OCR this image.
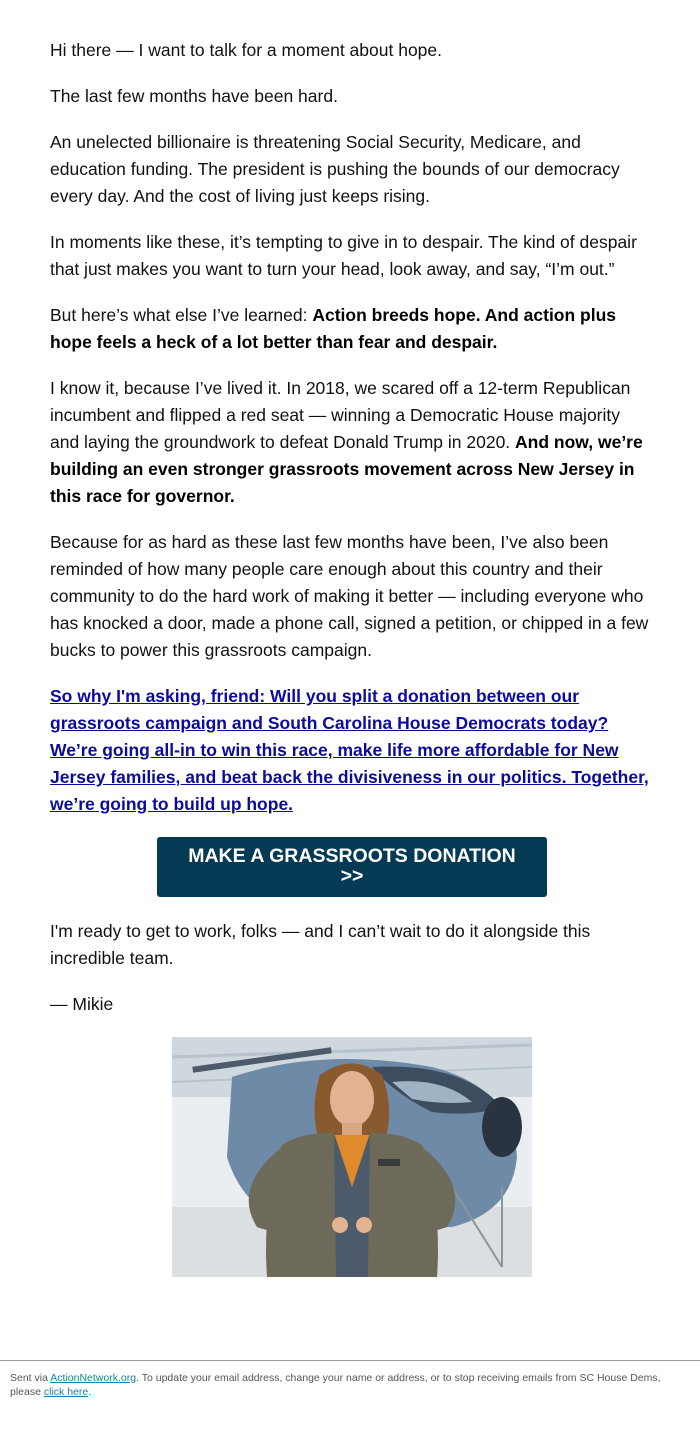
Hi there — I want to talk for a moment about hope.

The last few months have been hard.

An unelected billionaire is threatening Social Security, Medicare, and education funding. The president is pushing the bounds of our democracy every day. And the cost of living just keeps rising.

In moments like these, it’s tempting to give in to despair. The kind of despair that just makes you want to turn your head, look away, and say, “I’m out.”

But here’s what else I’ve learned: Action breeds hope. And action plus hope feels a heck of a lot better than fear and despair.

I know it, because I’ve lived it. In 2018, we scared off a 12-term Republican incumbent and flipped a red seat — winning a Democratic House majority and laying the groundwork to defeat Donald Trump in 2020. And now, we’re building an even stronger grassroots movement across New Jersey in this race for governor.

Because for as hard as these last few months have been, I’ve also been reminded of how many people care enough about this country and their community to do the hard work of making it better — including everyone who has knocked a door, made a phone call, signed a petition, or chipped in a few bucks to power this grassroots campaign.

So why I'm asking, friend: Will you split a donation between our grassroots campaign and South Carolina House Democrats today? We’re going all-in to win this race, make life more affordable for New Jersey families, and beat back the divisiveness in our politics. Together, we’re going to build up hope.

MAKE A GRASSROOTS DONATION
>>

I'm ready to get to work, folks — and I can’t wait to do it alongside this incredible team.

— Mikie

Sent via ActionNetwork.org. To update your email address, change your name or address, or to stop receiving emails from SC House Dems, please click here.
